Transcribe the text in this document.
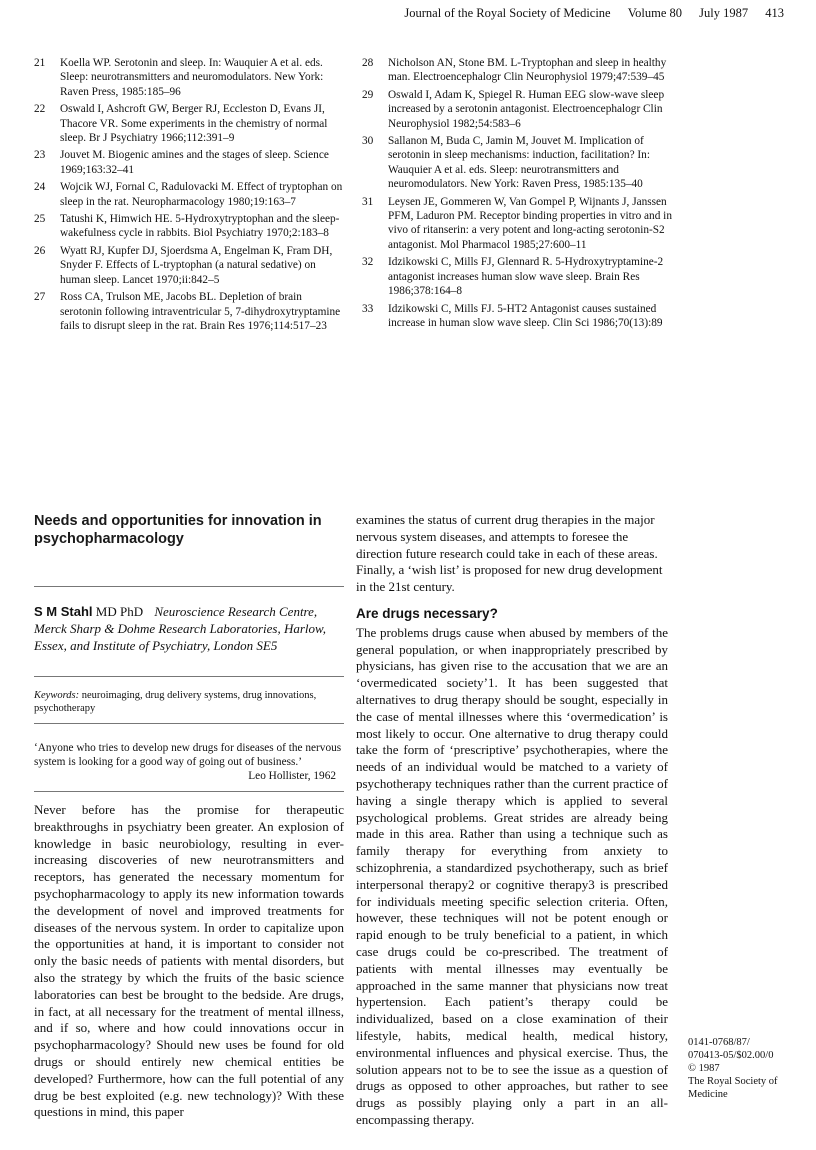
Journal of the Royal Society of Medicine Volume 80 July 1987 413
21	Koella WP. Serotonin and sleep. In: Wauquier A et al. eds. Sleep: neurotransmitters and neuromodulators. New York: Raven Press, 1985:185–96
22	Oswald I, Ashcroft GW, Berger RJ, Eccleston D, Evans JI, Thacore VR. Some experiments in the chemistry of normal sleep. Br J Psychiatry 1966;112:391–9
23	Jouvet M. Biogenic amines and the stages of sleep. Science 1969;163:32–41
24	Wojcik WJ, Fornal C, Radulovacki M. Effect of tryptophan on sleep in the rat. Neuropharmacology 1980;19:163–7
25	Tatushi K, Himwich HE. 5-Hydroxytryptophan and the sleep-wakefulness cycle in rabbits. Biol Psychiatry 1970;2:183–8
26	Wyatt RJ, Kupfer DJ, Sjoerdsma A, Engelman K, Fram DH, Snyder F. Effects of L-tryptophan (a natural sedative) on human sleep. Lancet 1970;ii:842–5
27	Ross CA, Trulson ME, Jacobs BL. Depletion of brain serotonin following intraventricular 5, 7-dihydroxytryptamine fails to disrupt sleep in the rat. Brain Res 1976;114:517–23
28	Nicholson AN, Stone BM. L-Tryptophan and sleep in healthy man. Electroencephalogr Clin Neurophysiol 1979;47:539–45
29	Oswald I, Adam K, Spiegel R. Human EEG slow-wave sleep increased by a serotonin antagonist. Electroencephalogr Clin Neurophysiol 1982;54:583–6
30	Sallanon M, Buda C, Jamin M, Jouvet M. Implication of serotonin in sleep mechanisms: induction, facilitation? In: Wauquier A et al. eds. Sleep: neurotransmitters and neuromodulators. New York: Raven Press, 1985:135–40
31	Leysen JE, Gommeren W, Van Gompel P, Wijnants J, Janssen PFM, Laduron PM. Receptor binding properties in vitro and in vivo of ritanserin: a very potent and long-acting serotonin-S2 antagonist. Mol Pharmacol 1985;27:600–11
32	Idzikowski C, Mills FJ, Glennard R. 5-Hydroxytryptamine-2 antagonist increases human slow wave sleep. Brain Res 1986;378:164–8
33	Idzikowski C, Mills FJ. 5-HT2 Antagonist causes sustained increase in human slow wave sleep. Clin Sci 1986;70(13):89
Needs and opportunities for innovation in psychopharmacology
examines the status of current drug therapies in the major nervous system diseases, and attempts to foresee the direction future research could take in each of these areas. Finally, a ‘wish list’ is proposed for new drug development in the 21st century.
S M Stahl MD PhD Neuroscience Research Centre, Merck Sharp & Dohme Research Laboratories, Harlow, Essex, and Institute of Psychiatry, London SE5
Keywords: neuroimaging, drug delivery systems, drug innovations, psychotherapy
‘Anyone who tries to develop new drugs for diseases of the nervous system is looking for a good way of going out of business.’
Leo Hollister, 1962
Never before has the promise for therapeutic breakthroughs in psychiatry been greater. An explosion of knowledge in basic neurobiology, resulting in ever-increasing discoveries of new neurotransmitters and receptors, has generated the necessary momentum for psychopharmacology to apply its new information towards the development of novel and improved treatments for diseases of the nervous system. In order to capitalize upon the opportunities at hand, it is important to consider not only the basic needs of patients with mental disorders, but also the strategy by which the fruits of the basic science laboratories can best be brought to the bedside. Are drugs, in fact, at all necessary for the treatment of mental illness, and if so, where and how could innovations occur in psychopharmacology? Should new uses be found for old drugs or should entirely new chemical entities be developed? Furthermore, how can the full potential of any drug be best exploited (e.g. new technology)? With these questions in mind, this paper
Are drugs necessary?

The problems drugs cause when abused by members of the general population, or when inappropriately prescribed by physicians, has given rise to the accusation that we are an ‘overmedicated society’1. It has been suggested that alternatives to drug therapy should be sought, especially in the case of mental illnesses where this ‘overmedication’ is most likely to occur. One alternative to drug therapy could take the form of ‘prescriptive’ psychotherapies, where the needs of an individual would be matched to a variety of psychotherapy techniques rather than the current practice of having a single therapy which is applied to several psychological problems. Great strides are already being made in this area. Rather than using a technique such as family therapy for everything from anxiety to schizophrenia, a standardized psychotherapy, such as brief interpersonal therapy2 or cognitive therapy3 is prescribed for individuals meeting specific selection criteria. Often, however, these techniques will not be potent enough or rapid enough to be truly beneficial to a patient, in which case drugs could be co-prescribed. The treatment of patients with mental illnesses may eventually be approached in the same manner that physicians now treat hypertension. Each patient’s therapy could be individualized, based on a close examination of their lifestyle, habits, medical health, medical history, environmental influences and physical exercise. Thus, the solution appears not to be to see the issue as a question of drugs as opposed to other approaches, but rather to see drugs as possibly playing only a part in an all-encompassing therapy.

0141-0768/87/
070413-05/$02.00/0
© 1987
The Royal Society of Medicine
